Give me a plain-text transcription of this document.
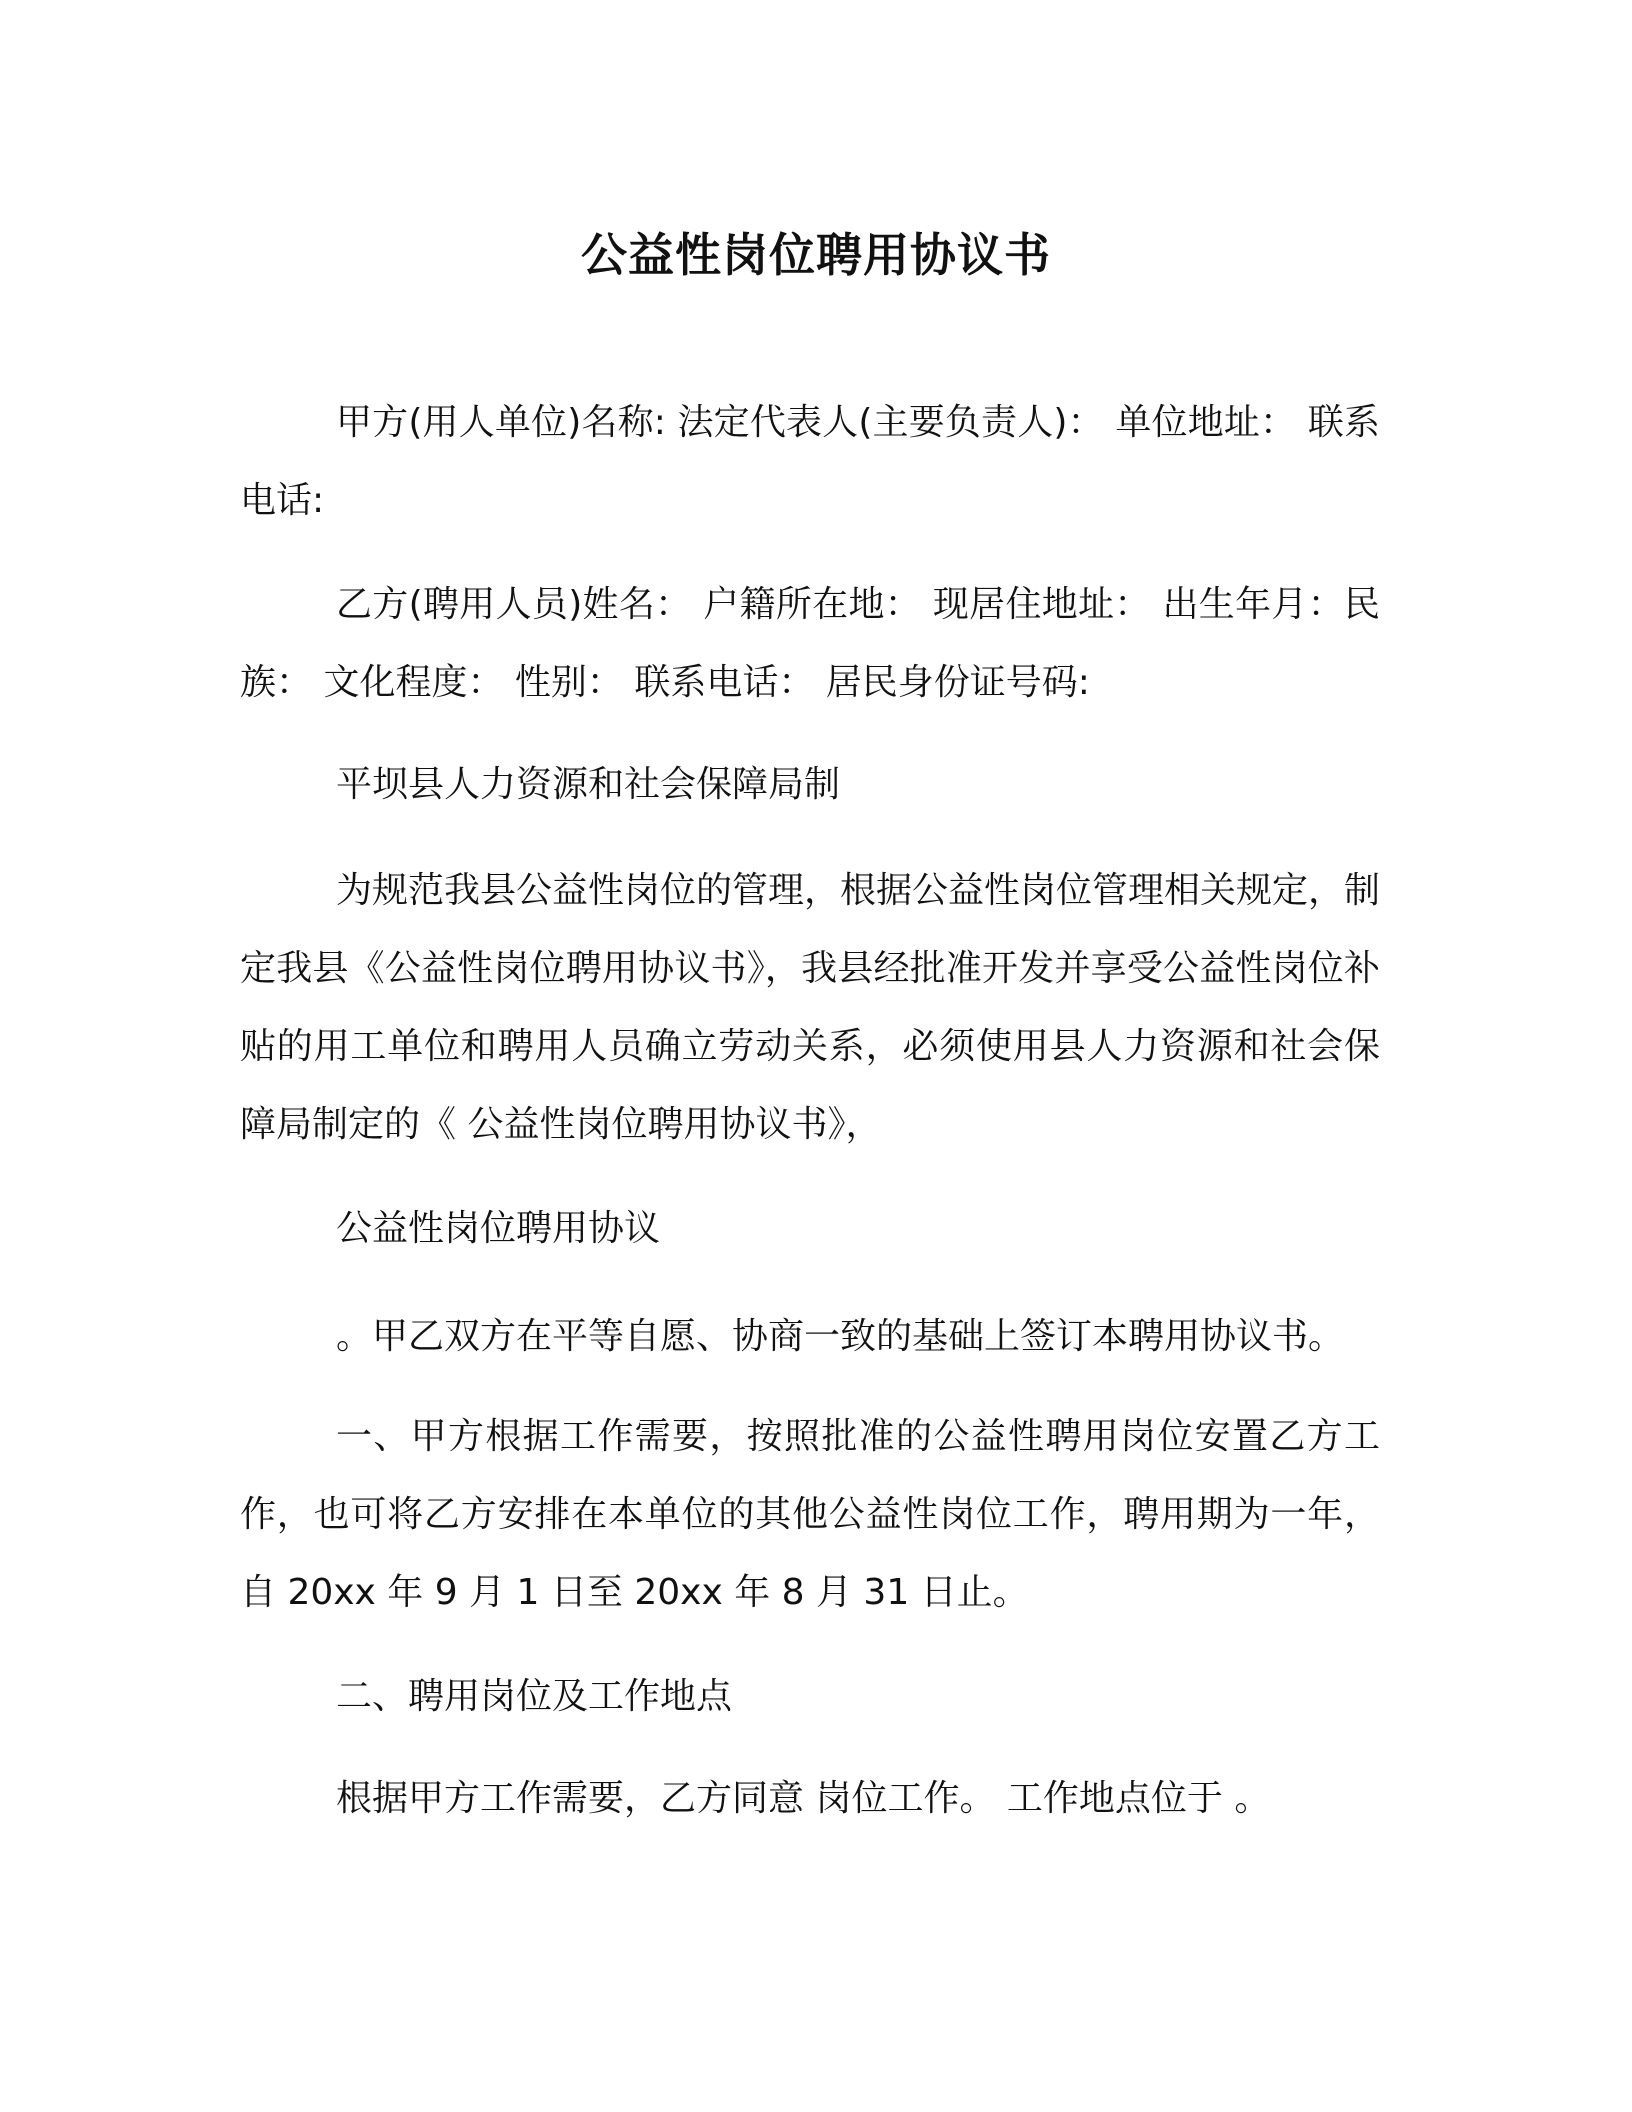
公益性岗位聘用协议书

甲方(用人单位)名称: 法定代表人(主要负责人)： 单位地址： 联系电话:

乙方(聘用人员)姓名： 户籍所在地： 现居住地址： 出生年月：民族： 文化程度： 性别： 联系电话： 居民身份证号码:

平坝县人力资源和社会保障局制

为规范我县公益性岗位的管理，根据公益性岗位管理相关规定，制定我县《公益性岗位聘用协议书》，我县经批准开发并享受公益性岗位补贴的用工单位和聘用人员确立劳动关系，必须使用县人力资源和社会保障局制定的《 公益性岗位聘用协议书》，

公益性岗位聘用协议

。甲乙双方在平等自愿、协商一致的基础上签订本聘用协议书。

一、甲方根据工作需要，按照批准的公益性聘用岗位安置乙方工作，也可将乙方安排在本单位的其他公益性岗位工作，聘用期为一年，自 20xx 年 9 月 1 日至 20xx 年 8 月 31 日止。

二、聘用岗位及工作地点

根据甲方工作需要，乙方同意 岗位工作。 工作地点位于 。
